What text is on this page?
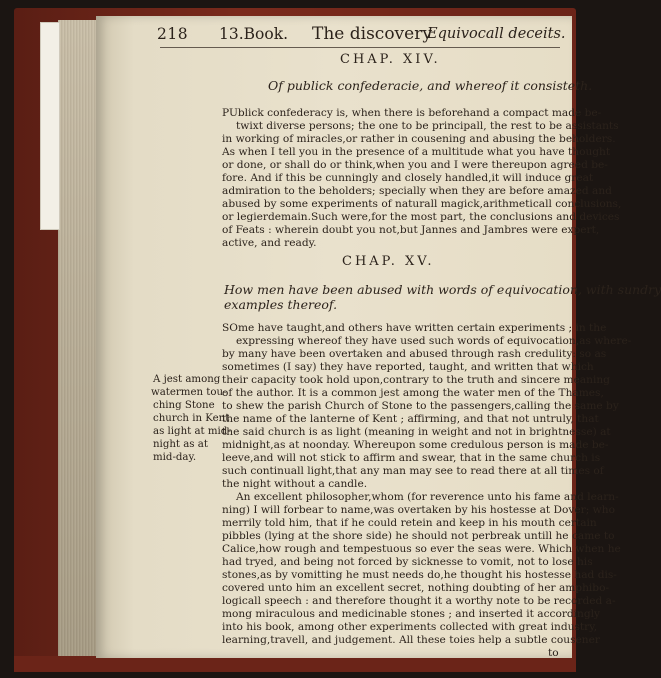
218 13.Book. The discovery
Equivocall deceits.
CHAP. XIV.
Of publick confederacie, and whereof it consisteth.
PUblick confederacy is, when there is beforehand a compact made be-
twixt diverse persons; the one to be principall, the rest to be assistants
in working of miracles,or rather in cousening and abusing the beholders.
As when I tell you in the presence of a multitude what you have thought
or done, or shall do or think,when you and I were thereupon agreed be-
fore. And if this be cunningly and closely handled,it will induce great
admiration to the beholders; specially when they are before amazed and
abused by some experiments of naturall magick,arithmeticall conclusions,
or legierdemain.Such were,for the most part, the conclusions and devices
of Feats : wherein doubt you not,but Jannes and Jambres were expert,
active, and ready.
CHAP. XV.
How men have been abused with words of equivocation, with sundry
examples thereof.
SOme have taught,and others have written certain experiments ; in the
expressing whereof they have used such words of equivocation,as where-
by many have been overtaken and abused through rash credulity: so as
sometimes (I say) they have reported, taught, and written that which
their capacity took hold upon,contrary to the truth and sincere meaning
of the author. It is a common jest among the water men of the Thames,
to shew the parish Church of Stone to the passengers,calling the same by
the name of the lanterne of Kent ; affirming, and that not untruly, that
the said church is as light (meaning in weight and not in brightnesse) at
midnight,as at noonday. Whereupon some credulous person is made be-
leeve,and will not stick to affirm and swear, that in the same church is
such continuall light,that any man may see to read there at all times of
the night without a candle.
An excellent philosopher,whom (for reverence unto his fame and learn-
ning) I will forbear to name,was overtaken by his hostesse at Dover; who
merrily told him, that if he could retein and keep in his mouth certain
pibbles (lying at the shore side) he should not perbreak untill he came to
Calice,how rough and tempestuous so ever the seas were. Which when he
had tryed, and being not forced by sicknesse to vomit, not to lose his
stones,as by vomitting he must needs do,he thought his hostesse had dis-
covered unto him an excellent secret, nothing doubting of her amphibo-
logicall speech : and therefore thought it a worthy note to be recorded a-
mong miraculous and medicinable stones ; and inserted it accordingly
into his book, among other experiments collected with great industry,
learning,travell, and judgement. All these toies help a subtle cousener
to
A jest among
watermen tou-
ching Stone
church in Kent
as light at mid-
night as at
mid-day.
